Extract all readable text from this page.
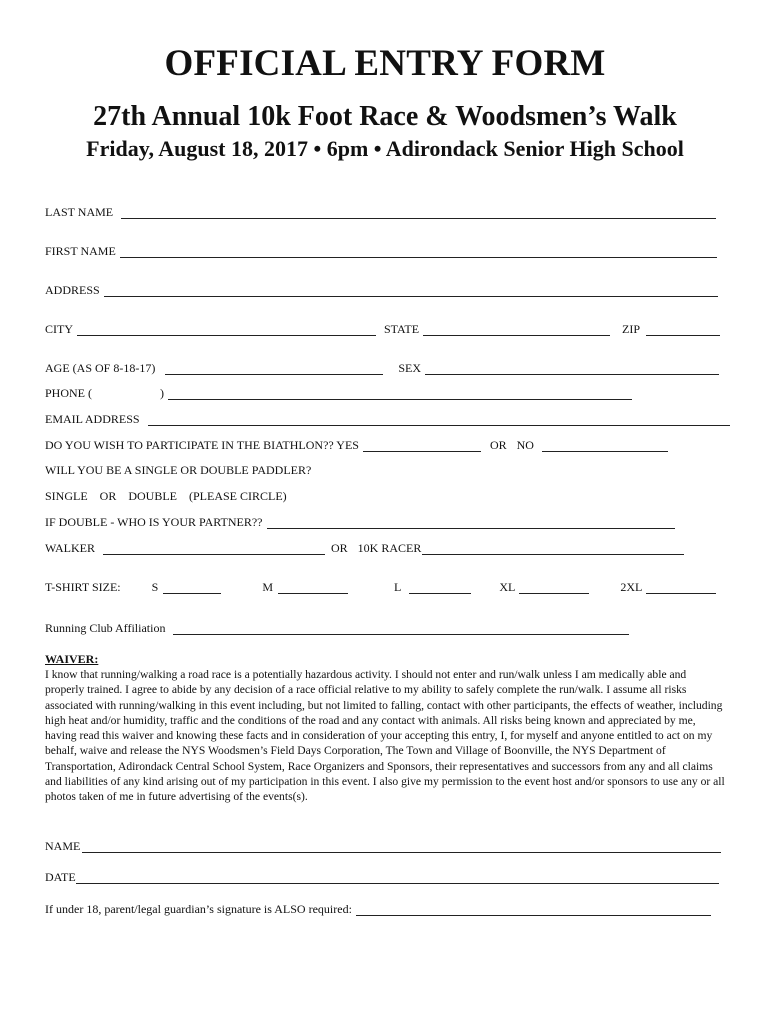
OFFICIAL ENTRY FORM
27th Annual 10k Foot Race & Woodsmen’s Walk
Friday, August 18, 2017 • 6pm • Adirondack Senior High School
LAST NAME
FIRST NAME
ADDRESS
CITY	STATE	ZIP
AGE (AS OF 8-18-17)	SEX
PHONE (	)
EMAIL ADDRESS
DO YOU WISH TO PARTICIPATE IN THE BIATHLON?? YES	OR NO
WILL YOU BE A SINGLE OR DOUBLE PADDLER?
SINGLE    OR    DOUBLE    (PLEASE CIRCLE)
IF DOUBLE - WHO IS YOUR PARTNER??
WALKER	OR 10K RACER
T-SHIRT SIZE:	S	M	L	XL	2XL
Running Club Affiliation
WAIVER:

I know that running/walking a road race is a potentially hazardous activity. I should not enter and run/walk unless I am medically able and properly trained. I agree to abide by any decision of a race official relative to my ability to safely complete the run/walk. I assume all risks associated with running/walking in this event including, but not limited to falling, contact with other participants, the effects of weather, including high heat and/or humidity, traffic and the conditions of the road and any contact with animals. All risks being known and appreciated by me, having read this waiver and knowing these facts and in consideration of your accepting this entry, I, for myself and anyone entitled to act on my behalf, waive and release the NYS Woodsmen’s Field Days Corporation, The Town and Village of Boonville, the NYS Department of Transportation, Adirondack Central School System, Race Organizers and Sponsors, their representatives and successors from any and all claims and liabilities of any kind arising out of my participation in this event. I also give my permission to the event host and/or sponsors to use any or all photos taken of me in future advertising of the events(s).

NAME
DATE
If under 18, parent/legal guardian’s signature is ALSO required:
